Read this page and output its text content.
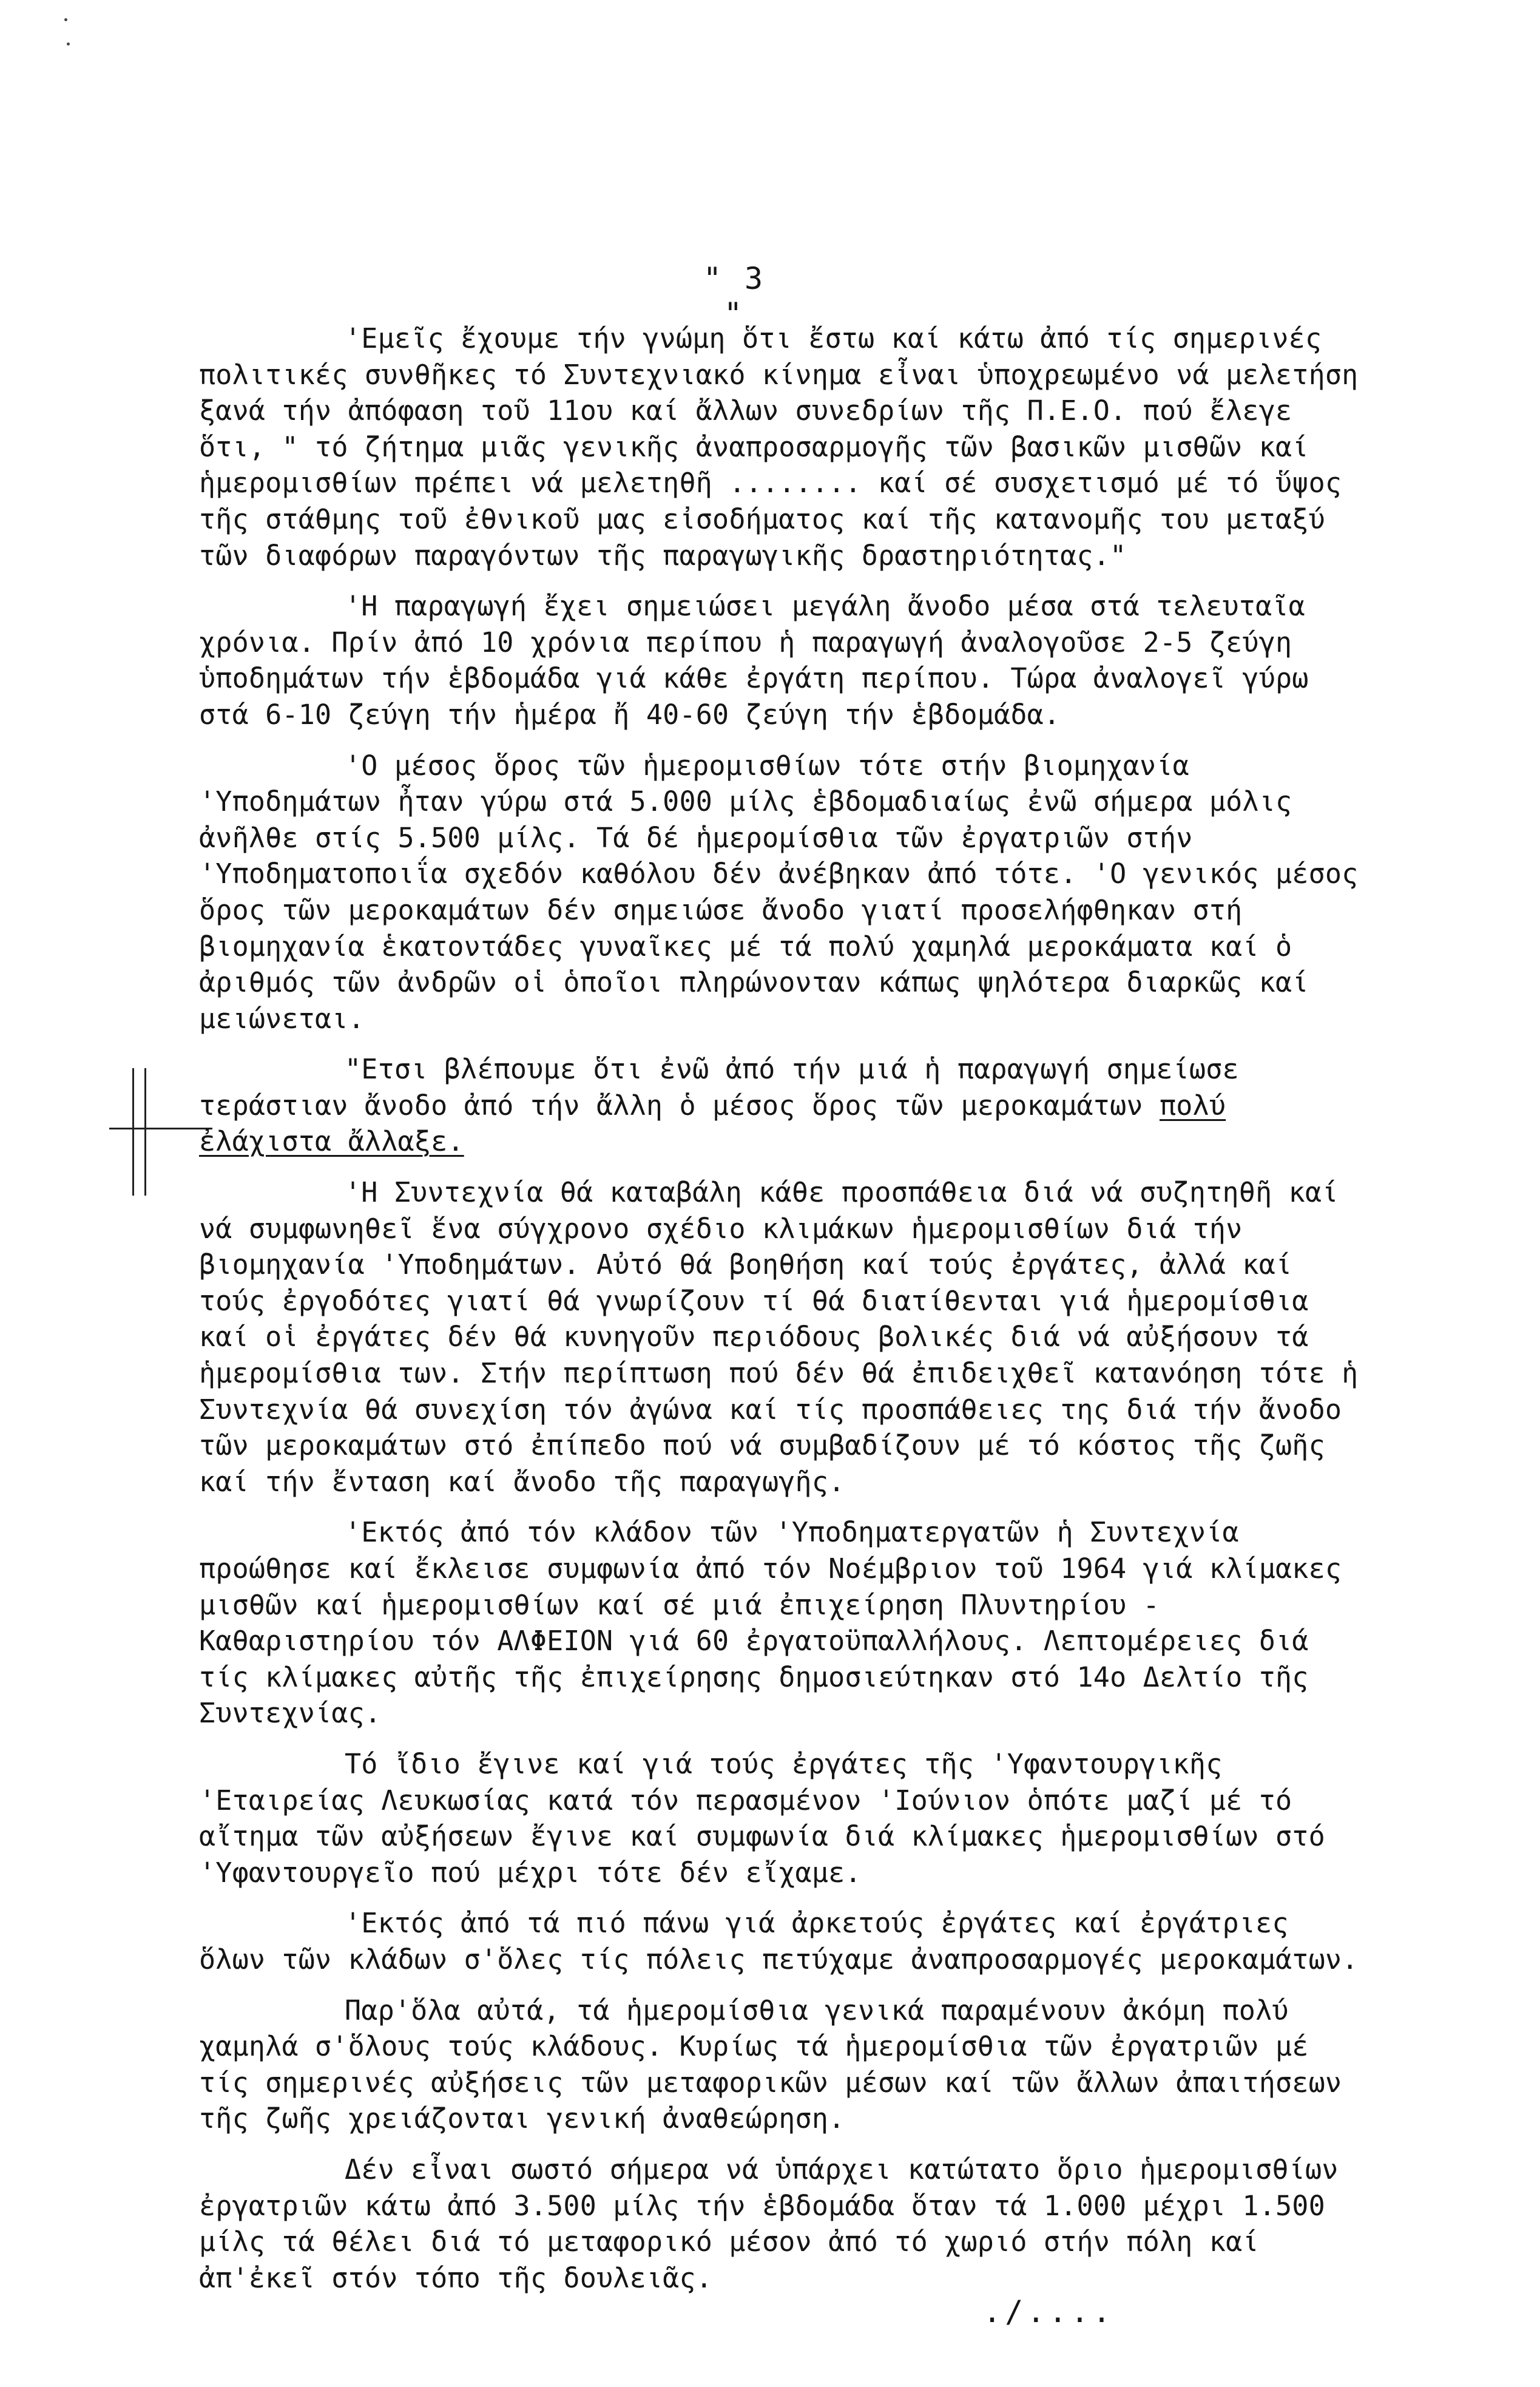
" 3 "

'Εμεῖς ἔχουμε τήν γνώμη ὅτι ἔστω καί κάτω ἀπό τίς σημερινές πολιτικές συνθῆκες τό Συντεχνιακό κίνημα εἶναι ὑποχρεωμένο νά μελετήση ξανά τήν ἀπόφαση τοῦ 11ου καί ἄλλων συνεδρίων τῆς Π.Ε.Ο. πού ἔλεγε ὅτι, " τό ζήτημα μιᾶς γενικῆς ἀναπροσαρμογῆς τῶν βασικῶν μισθῶν καί ἡμερομισθίων πρέπει νά μελετηθῆ ........ καί σέ συσχετισμό μέ τό ὕψος τῆς στάθμης τοῦ ἐθνικοῦ μας εἰσοδήματος καί τῆς κατανομῆς του μεταξύ τῶν διαφόρων παραγόντων τῆς παραγωγικῆς δραστηριότητας."

'Η παραγωγή ἔχει σημειώσει μεγάλη ἄνοδο μέσα στά τελευταῖα χρόνια. Πρίν ἀπό 10 χρόνια περίπου ἡ παραγωγή ἀναλογοῦσε 2-5 ζεύγη ὑποδημάτων τήν ἑβδομάδα γιά κάθε ἐργάτη περίπου. Τώρα ἀναλογεῖ γύρω στά 6-10 ζεύγη τήν ἡμέρα ἤ 40-60 ζεύγη τήν ἑβδομάδα.

'Ο μέσος ὅρος τῶν ἡμερομισθίων τότε στήν βιομηχανία 'Υποδημάτων ἦταν γύρω στά 5.000 μίλς ἑβδομαδιαίως ἐνῶ σήμερα μόλις ἀνῆλθε στίς 5.500 μίλς. Τά δέ ἡμερομίσθια τῶν ἐργατριῶν στήν 'Υποδηματοποιΐα σχεδόν καθόλου δέν ἀνέβηκαν ἀπό τότε. 'Ο γενικός μέσος ὅρος τῶν μεροκαμάτων δέν σημειώσε ἄνοδο γιατί προσελήφθηκαν στή βιομηχανία ἑκατοντάδες γυναῖκες μέ τά πολύ χαμηλά μεροκάματα καί ὁ ἀριθμός τῶν ἀνδρῶν οἱ ὁποῖοι πληρώνονταν κάπως ψηλότερα διαρκῶς καί μειώνεται.

"Ετσι βλέπουμε ὅτι ἐνῶ ἀπό τήν μιά ἡ παραγωγή σημείωσε τεράστιαν ἄνοδο ἀπό τήν ἄλλη ὁ μέσος ὅρος τῶν μεροκαμάτων πολύ ἐλάχιστα ἄλλαξε.

'Η Συντεχνία θά καταβάλη κάθε προσπάθεια διά νά συζητηθῆ καί νά συμφωνηθεῖ ἕνα σύγχρονο σχέδιο κλιμάκων ἡμερομισθίων διά τήν βιομηχανία 'Υποδημάτων. Αὐτό θά βοηθήση καί τούς ἐργάτες, ἀλλά καί τούς ἐργοδότες γιατί θά γνωρίζουν τί θά διατίθενται γιά ἡμερομίσθια καί οἱ ἐργάτες δέν θά κυνηγοῦν περιόδους βολικές διά νά αὐξήσουν τά ἡμερομίσθια των. Στήν περίπτωση πού δέν θά ἐπιδειχθεῖ κατανόηση τότε ἡ Συντεχνία θά συνεχίση τόν ἀγώνα καί τίς προσπάθειες της διά τήν ἄνοδο τῶν μεροκαμάτων στό ἐπίπεδο πού νά συμβαδίζουν μέ τό κόστος τῆς ζωῆς καί τήν ἔνταση καί ἄνοδο τῆς παραγωγῆς.

'Εκτός ἀπό τόν κλάδον τῶν 'Υποδηματεργατῶν ἡ Συντεχνία προώθησε καί ἔκλεισε συμφωνία ἀπό τόν Νοέμβριον τοῦ 1964 γιά κλίμακες μισθῶν καί ἡμερομισθίων καί σέ μιά ἐπιχείρηση Πλυντηρίου - Καθαριστηρίου τόν ΑΛΦΕΙΟΝ γιά 60 ἐργατοϋπαλλήλους. Λεπτομέρειες διά τίς κλίμακες αὐτῆς τῆς ἐπιχείρησης δημοσιεύτηκαν στό 14ο Δελτίο τῆς Συντεχνίας.

Τό ἴδιο ἔγινε καί γιά τούς ἐργάτες τῆς 'Υφαντουργικῆς 'Εταιρείας Λευκωσίας κατά τόν περασμένον 'Ιούνιον ὁπότε μαζί μέ τό αἴτημα τῶν αὐξήσεων ἔγινε καί συμφωνία διά κλίμακες ἡμερομισθίων στό 'Υφαντουργεῖο πού μέχρι τότε δέν εἴχαμε.

'Εκτός ἀπό τά πιό πάνω γιά ἀρκετούς ἐργάτες καί ἐργάτριες ὅλων τῶν κλάδων σ'ὅλες τίς πόλεις πετύχαμε ἀναπροσαρμογές μεροκαμάτων.

Παρ'ὅλα αὐτά, τά ἡμερομίσθια γενικά παραμένουν ἀκόμη πολύ χαμηλά σ'ὅλους τούς κλάδους. Κυρίως τά ἡμερομίσθια τῶν ἐργατριῶν μέ τίς σημερινές αὐξήσεις τῶν μεταφορικῶν μέσων καί τῶν ἄλλων ἀπαιτήσεων τῆς ζωῆς χρειάζονται γενική ἀναθεώρηση.

Δέν εἶναι σωστό σήμερα νά ὑπάρχει κατώτατο ὅριο ἡμερομισθίων ἐργατριῶν κάτω ἀπό 3.500 μίλς τήν ἑβδομάδα ὅταν τά 1.000 μέχρι 1.500 μίλς τά θέλει διά τό μεταφορικό μέσον ἀπό τό χωριό στήν πόλη καί ἀπ'ἐκεῖ στόν τόπο τῆς δουλειᾶς.

./....
